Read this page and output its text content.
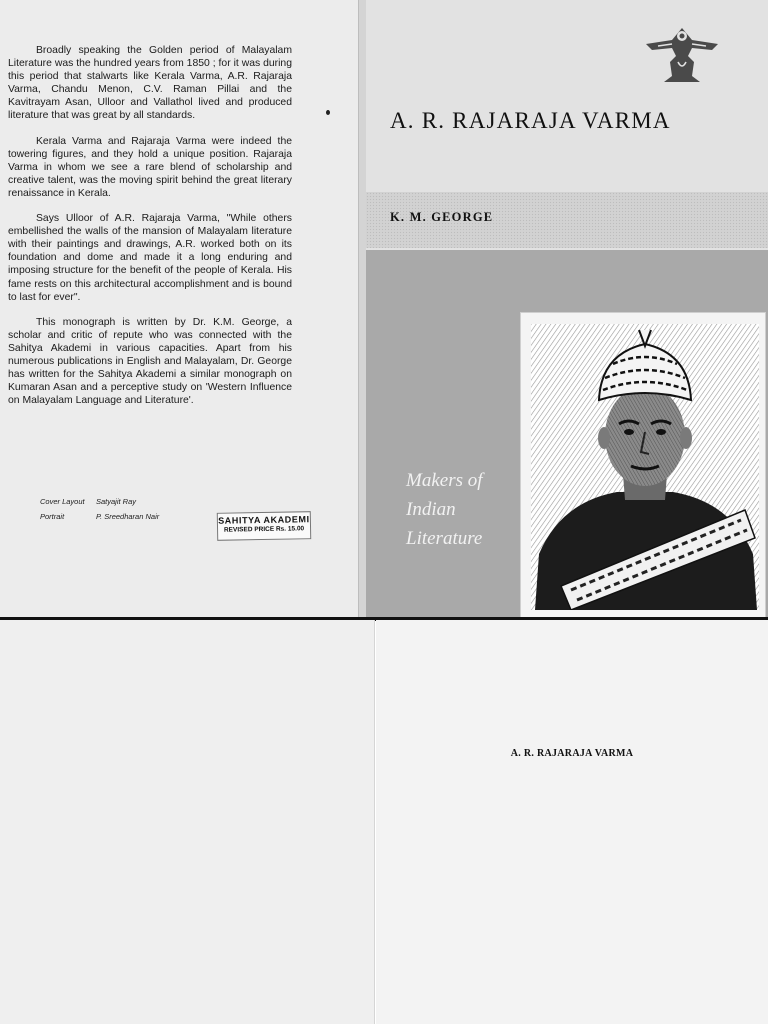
Broadly speaking the Golden period of Malayalam Literature was the hundred years from 1850 ; for it was during this period that stalwarts like Kerala Varma, A.R. Rajaraja Varma, Chandu Menon, C.V. Raman Pillai and the Kavitrayam Asan, Ulloor and Vallathol lived and produced literature that was great by all standards.

Kerala Varma and Rajaraja Varma were indeed the towering figures, and they hold a unique position. Rajaraja Varma in whom we see a rare blend of scholarship and creative talent, was the moving spirit behind the great literary renaissance in Kerala.

Says Ulloor of A.R. Rajaraja Varma, "While others embellished the walls of the mansion of Malayalam literature with their paintings and drawings, A.R. worked both on its foundation and dome and made it a long enduring and imposing structure for the benefit of the people of Kerala. His fame rests on this architectural accomplishment and is bound to last for ever".

This monograph is written by Dr. K.M. George, a scholar and critic of repute who was connected with the Sahitya Akademi in various capacities. Apart from his numerous publications in English and Malayalam, Dr. George has written for the Sahitya Akademi a similar monograph on Kumaran Asan and a perceptive study on 'Western Influence on Malayalam Language and Literature'.

Cover Layout	Satyajit Ray
Portrait	P. Sreedharan Nair	SAHITYA AKADEMI
REVISED PRICE Rs. 15.00
A. R. RAJARAJA VARMA
K. M. GEORGE
Makers of
Indian
Literature
A. R. RAJARAJA VARMA
